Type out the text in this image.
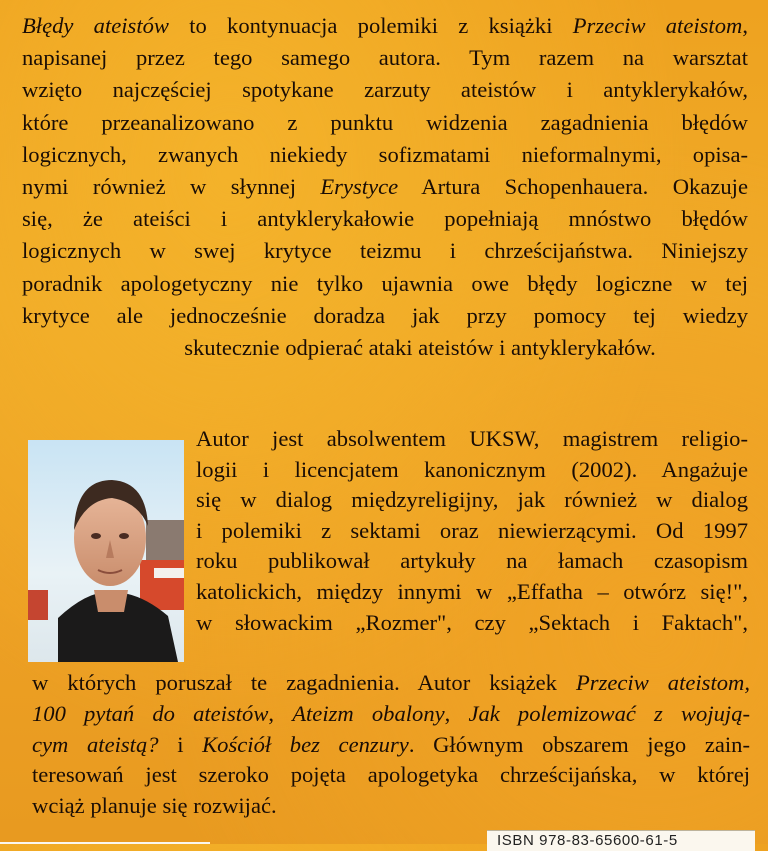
Błędy ateistów to kontynuacja polemiki z książki Przeciw ateistom,
napisanej przez tego samego autora. Tym razem na warsztat
wzięto najczęściej spotykane zarzuty ateistów i antyklerykałów,
które przeanalizowano z punktu widzenia zagadnienia błędów
logicznych, zwanych niekiedy sofizmatami nieformalnymi, opisa-
nymi również w słynnej Erystyce Artura Schopenhauera. Okazuje
się, że ateiści i antyklerykałowie popełniają mnóstwo błędów
logicznych w swej krytyce teizmu i chrześcijaństwa. Niniejszy
poradnik apologetyczny nie tylko ujawnia owe błędy logiczne w tej
krytyce ale jednocześnie doradza jak przy pomocy tej wiedzy
skutecznie odpierać ataki ateistów i antyklerykałów.
Autor jest absolwentem UKSW, magistrem religio-
logii i licencjatem kanonicznym (2002). Angażuje
się w dialog międzyreligijny, jak również w dialog
i polemiki z sektami oraz niewierzącymi. Od 1997
roku publikował artykuły na łamach czasopism
katolickich, między innymi w „Effatha – otwórz się!",
w słowackim „Rozmer", czy „Sektach i Faktach",
w których poruszał te zagadnienia. Autor książek Przeciw ateistom,
100 pytań do ateistów, Ateizm obalony, Jak polemizować z wojują-
cym ateistą? i Kościół bez cenzury. Głównym obszarem jego zain-
teresowań jest szeroko pojęta apologetyka chrześcijańska, w której
wciąż planuje się rozwijać.
ISBN 978-83-65600-61-5
